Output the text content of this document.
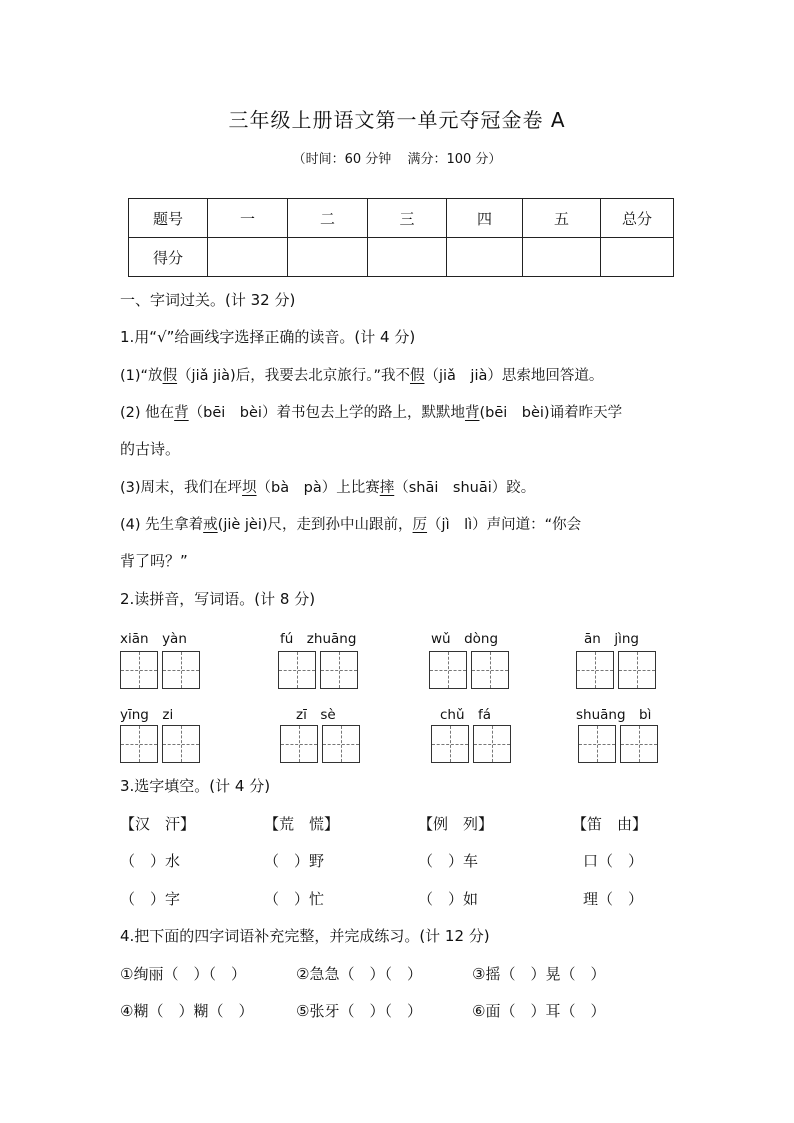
三年级上册语文第一单元夺冠金卷 A
（时间：60 分钟 满分：100 分）
题号	一	二	三	四	五	总分
得分						
一、字词过关。(计 32 分)
1.用“√”给画线字选择正确的读音。(计 4 分)
(1)“放假（jiǎ jià)后，我要去北京旅行。”我不假（jiǎ　jià）思索地回答道。
(2) 他在背（bēi　bèi）着书包去上学的路上，默默地背(bēi　bèi)诵着昨天学
的古诗。
(3)周末，我们在坪坝（bà　pà）上比赛摔（shāi　shuāi）跤。
(4) 先生拿着戒(jiè jèi)尺，走到孙中山跟前，厉（jì　lì）声问道：“你会
背了吗？”
2.读拼音，写词语。(计 8 分)
xiān　yàn	fú　zhuāng	wǔ　dòng	ān　jìng
yīng　zi	zī　sè	chǔ　fá	shuāng　bì
3.选字填空。(计 4 分)
【汉　汗】	【荒　慌】	【例　列】	【笛　由】
（　）水	（　）野	（　）车	口（　）
（　）字	（　）忙	（　）如	理（　）
4.把下面的四字词语补充完整，并完成练习。(计 12 分)
①绚丽（　）（　）	②急急（　）（　）	③摇（　）晃（　）
④糊（　）糊（　）	⑤张牙（　）（　）	⑥面（　）耳（　）
